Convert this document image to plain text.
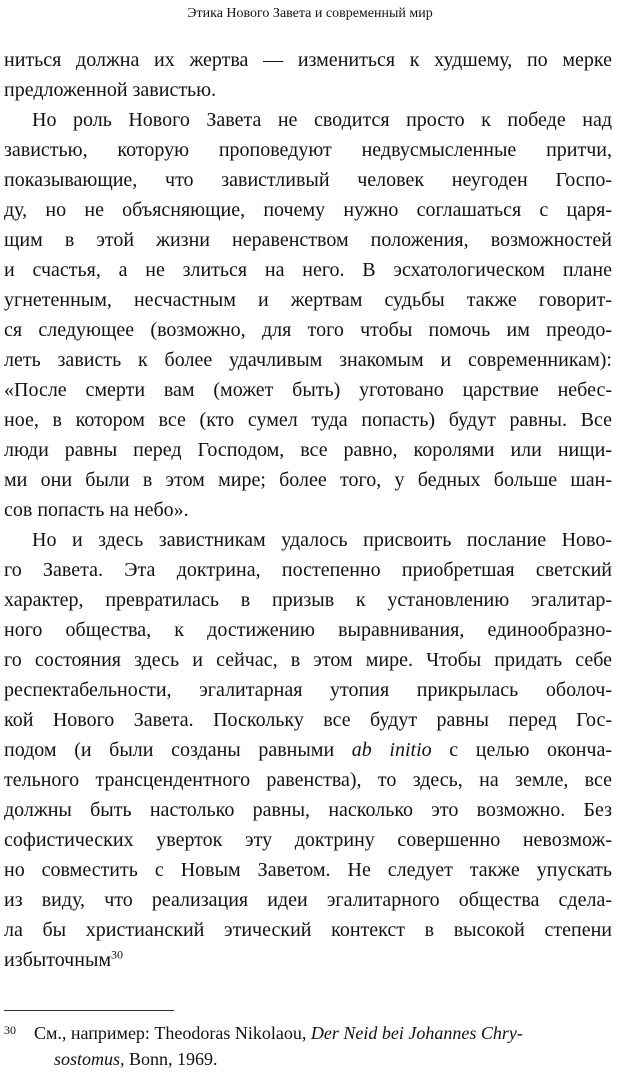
Этика Нового Завета и современный мир
ниться должна их жертва — измениться к худшему, по мерке
предложенной завистью.
Но роль Нового Завета не сводится просто к победе над
завистью, которую проповедуют недвусмысленные притчи,
показывающие, что завистливый человек неугоден Госпо-
ду, но не объясняющие, почему нужно соглашаться с царя-
щим в этой жизни неравенством положения, возможностей
и счастья, а не злиться на него. В эсхатологическом плане
угнетенным, несчастным и жертвам судьбы также говорит-
ся следующее (возможно, для того чтобы помочь им преодо-
леть зависть к более удачливым знакомым и современникам):
«После смерти вам (может быть) уготовано царствие небес-
ное, в котором все (кто сумел туда попасть) будут равны. Все
люди равны перед Господом, все равно, королями или нищи-
ми они были в этом мире; более того, у бедных больше шан-
сов попасть на небо».
Но и здесь завистникам удалось присвоить послание Ново-
го Завета. Эта доктрина, постепенно приобретшая светский
характер, превратилась в призыв к установлению эгалитар-
ного общества, к достижению выравнивания, единообразно-
го состояния здесь и сейчас, в этом мире. Чтобы придать себе
респектабельности, эгалитарная утопия прикрылась оболоч-
кой Нового Завета. Поскольку все будут равны перед Гос-
подом (и были созданы равными ab initio с целью оконча-
тельного трансцендентного равенства), то здесь, на земле, все
должны быть настолько равны, насколько это возможно. Без
софистических уверток эту доктрину совершенно невозмож-
но совместить с Новым Заветом. Не следует также упускать
из виду, что реализация идеи эгалитарного общества сдела-
ла бы христианский этический контекст в высокой степени
избыточным$^{30}$
30	См., например: Theodoras Nikolaou, Der Neid bei Johannes Chry-
sostomus, Bonn, 1969.
